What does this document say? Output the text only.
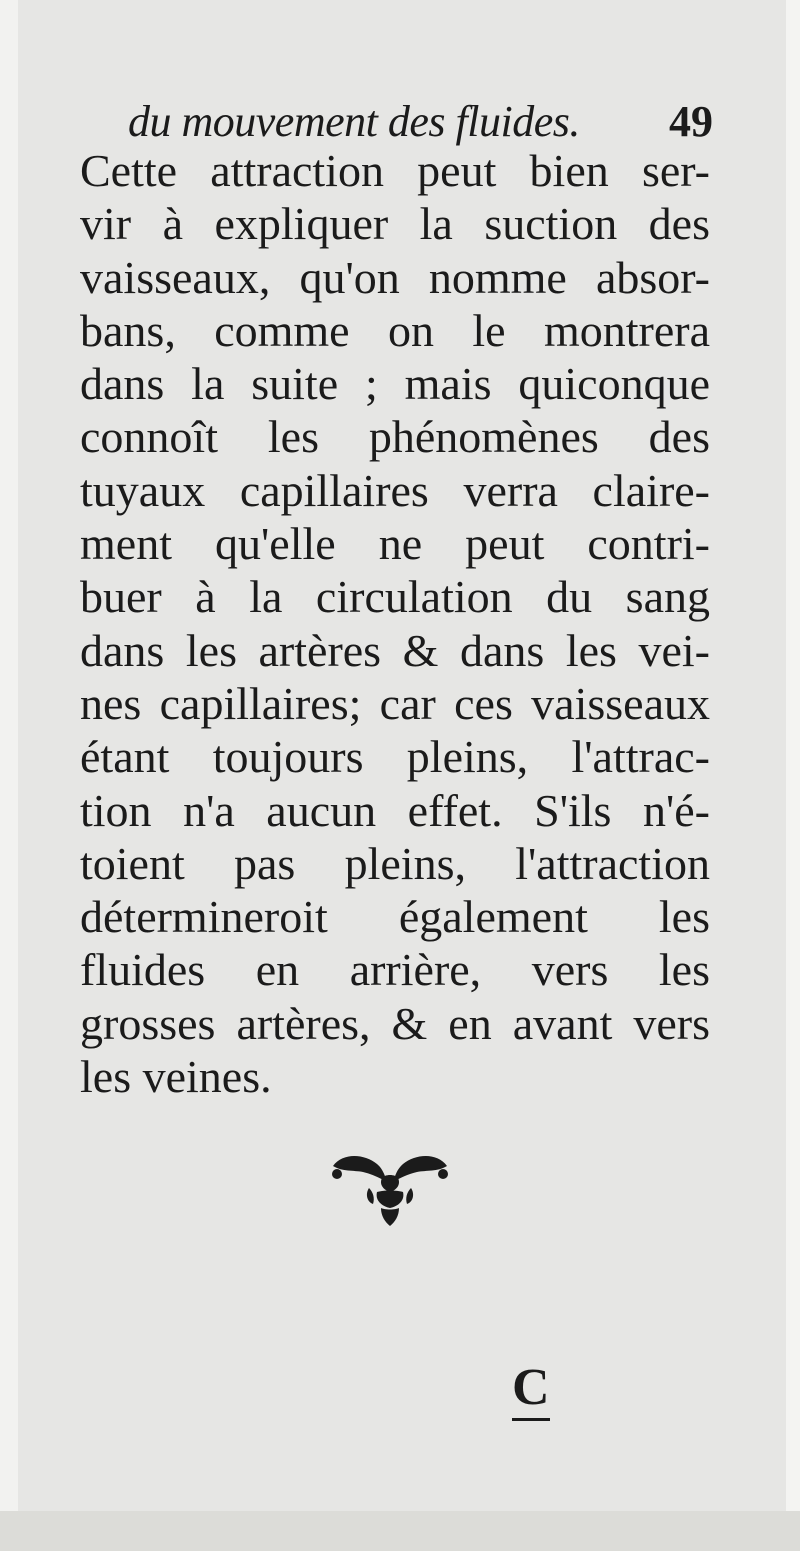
du mouvement des fluides. 49
Cette attraction peut bien ser-
vir à expliquer la suction des
vaisseaux, qu'on nomme absor-
bans, comme on le montrera
dans la suite ; mais quiconque
connoît les phénomènes des
tuyaux capillaires verra claire-
ment qu'elle ne peut contri-
buer à la circulation du sang
dans les artères & dans les vei-
nes capillaires; car ces vaisseaux
étant toujours pleins, l'attrac-
tion n'a aucun effet. S'ils n'é-
toient pas pleins, l'attraction
détermineroit également les
fluides en arrière, vers les
grosses artères, & en avant vers
les veines.
C
